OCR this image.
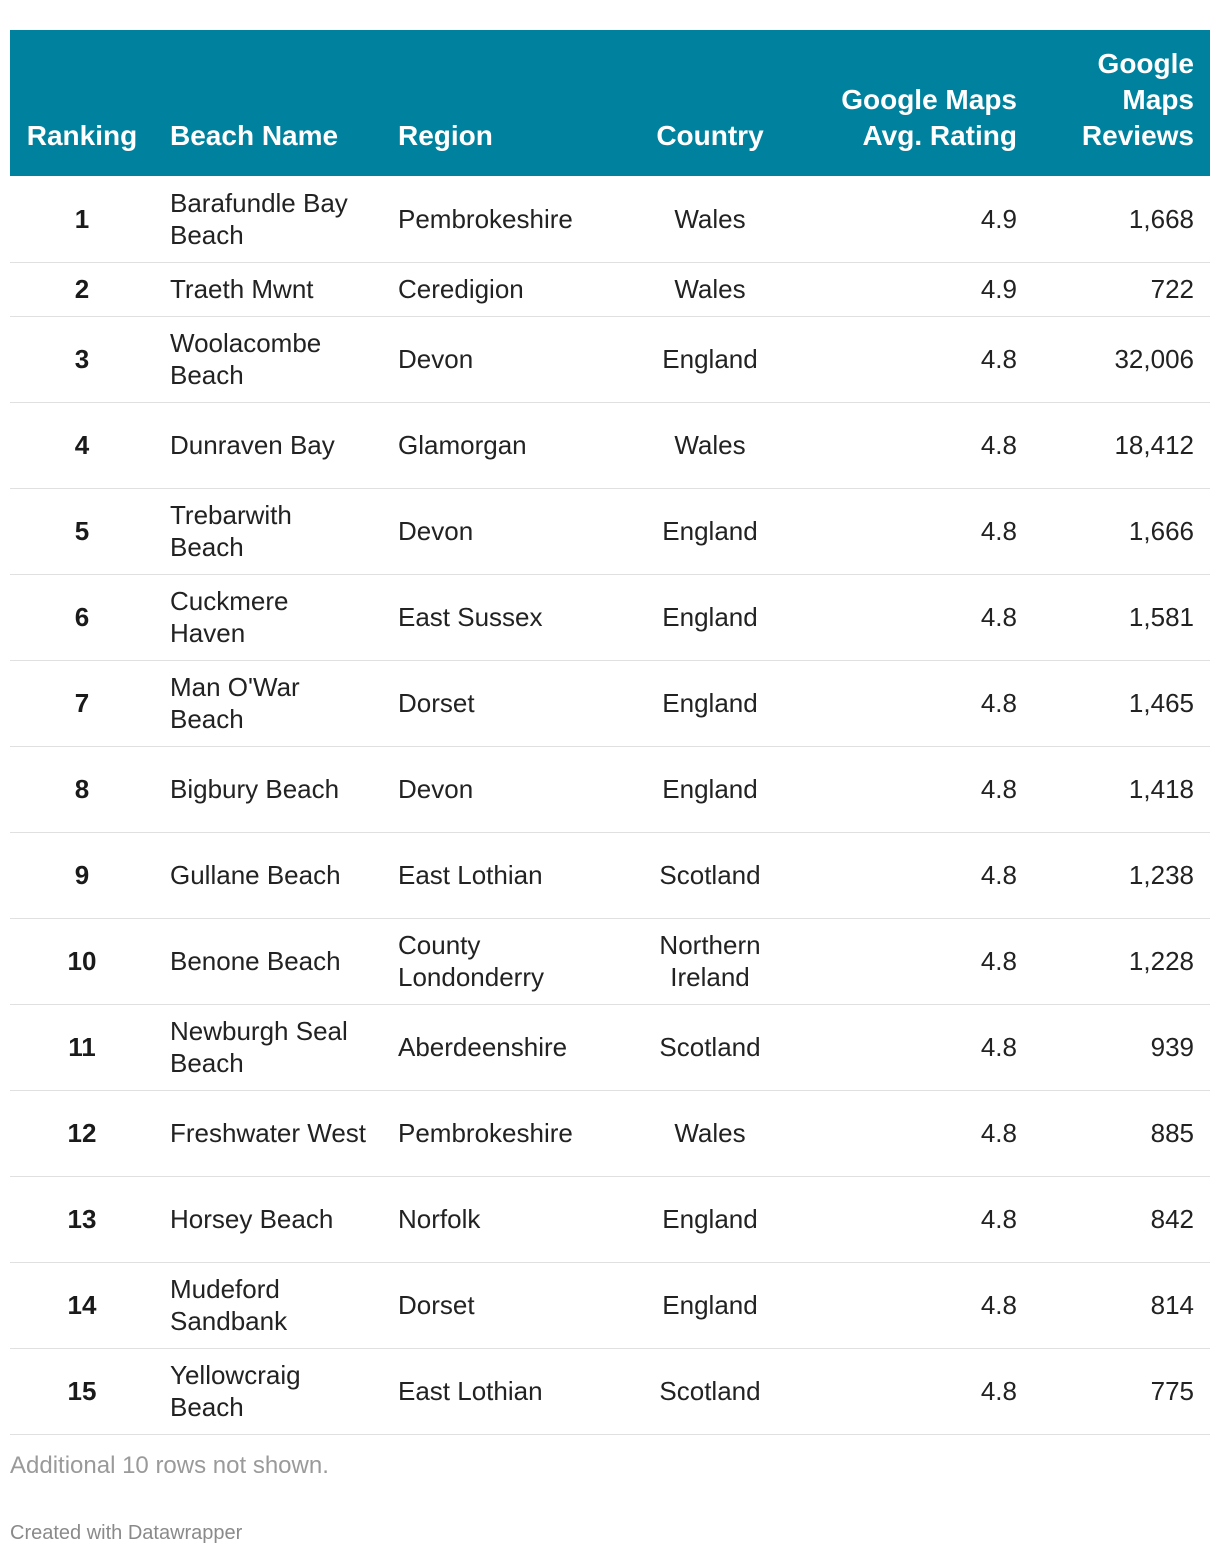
Ranking	Beach Name	Region	Country	Google Maps Avg. Rating	Google Maps Reviews
1	Barafundle Bay Beach	Pembrokeshire	Wales	4.9	1,668
2	Traeth Mwnt	Ceredigion	Wales	4.9	722
3	Woolacombe Beach	Devon	England	4.8	32,006
4	Dunraven Bay	Glamorgan	Wales	4.8	18,412
5	Trebarwith Beach	Devon	England	4.8	1,666
6	Cuckmere Haven	East Sussex	England	4.8	1,581
7	Man O'War Beach	Dorset	England	4.8	1,465
8	Bigbury Beach	Devon	England	4.8	1,418
9	Gullane Beach	East Lothian	Scotland	4.8	1,238
10	Benone Beach	County Londonderry	Northern Ireland	4.8	1,228
11	Newburgh Seal Beach	Aberdeenshire	Scotland	4.8	939
12	Freshwater West	Pembrokeshire	Wales	4.8	885
13	Horsey Beach	Norfolk	England	4.8	842
14	Mudeford Sandbank	Dorset	England	4.8	814
15	Yellowcraig Beach	East Lothian	Scotland	4.8	775
Additional 10 rows not shown.
Created with Datawrapper
